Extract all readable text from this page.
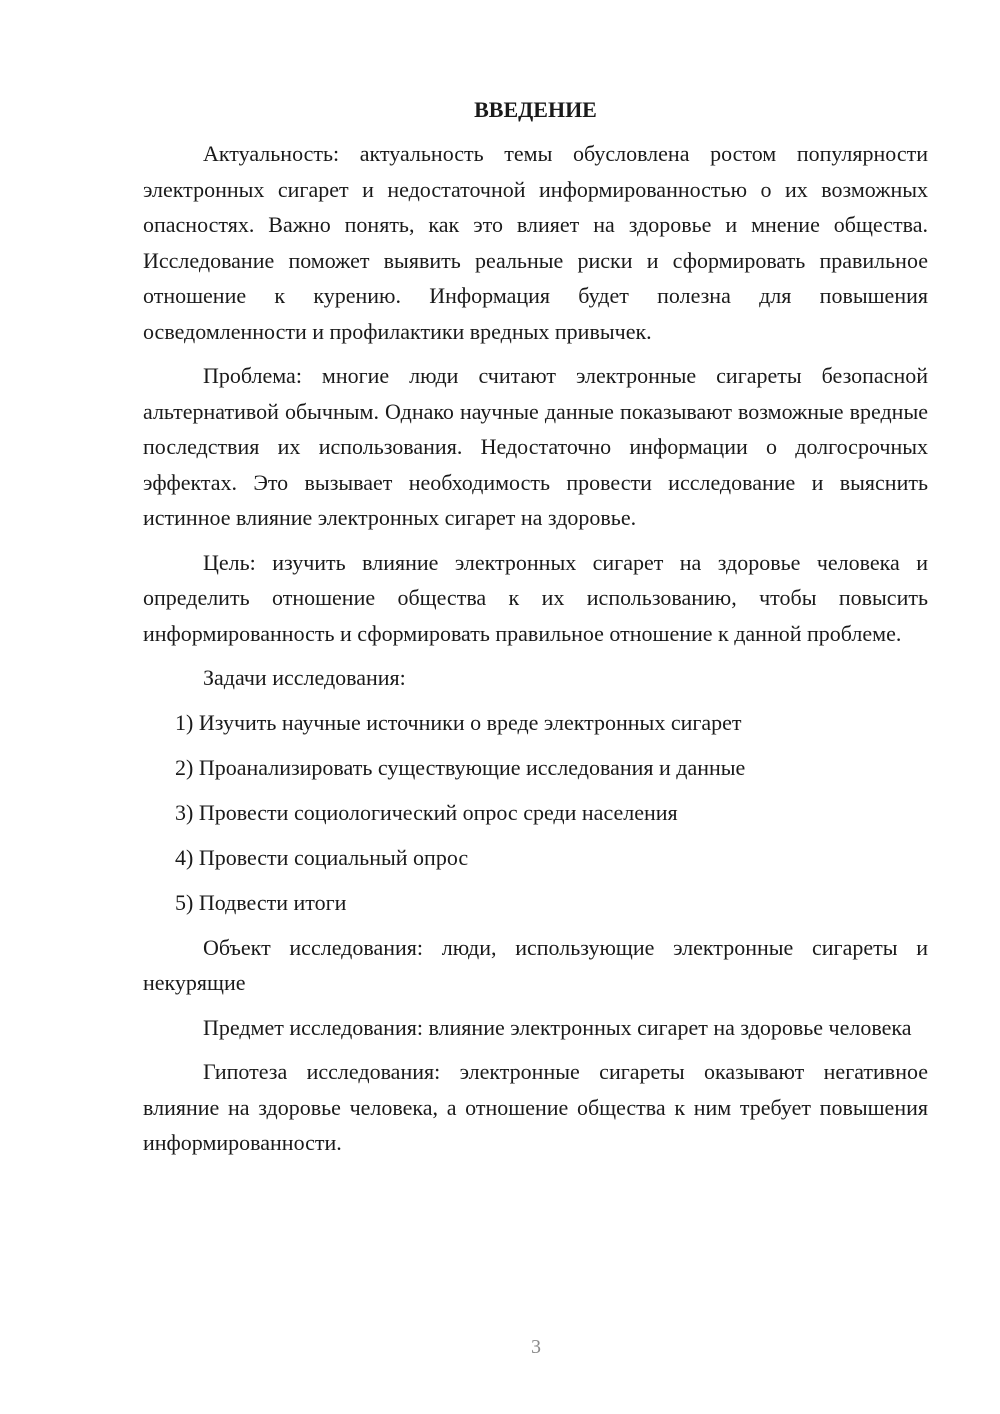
ВВЕДЕНИЕ

Актуальность: актуальность темы обусловлена ростом популярности электронных сигарет и недостаточной информированностью о их возможных опасностях. Важно понять, как это влияет на здоровье и мнение общества. Исследование поможет выявить реальные риски и сформировать правильное отношение к курению. Информация будет полезна для повышения осведомленности и профилактики вредных привычек.

Проблема: многие люди считают электронные сигареты безопасной альтернативой обычным. Однако научные данные показывают возможные вредные последствия их использования. Недостаточно информации о долгосрочных эффектах. Это вызывает необходимость провести исследование и выяснить истинное влияние электронных сигарет на здоровье.

Цель: изучить влияние электронных сигарет на здоровье человека и определить отношение общества к их использованию, чтобы повысить информированность и сформировать правильное отношение к данной проблеме.

Задачи исследования:

1) Изучить научные источники о вреде электронных сигарет
2) Проанализировать существующие исследования и данные
3) Провести социологический опрос среди населения
4) Провести социальный опрос
5) Подвести итоги

Объект исследования: люди, использующие электронные сигареты и некурящие

Предмет исследования: влияние электронных сигарет на здоровье человека

Гипотеза исследования: электронные сигареты оказывают негативное влияние на здоровье человека, а отношение общества к ним требует повышения информированности.

3
